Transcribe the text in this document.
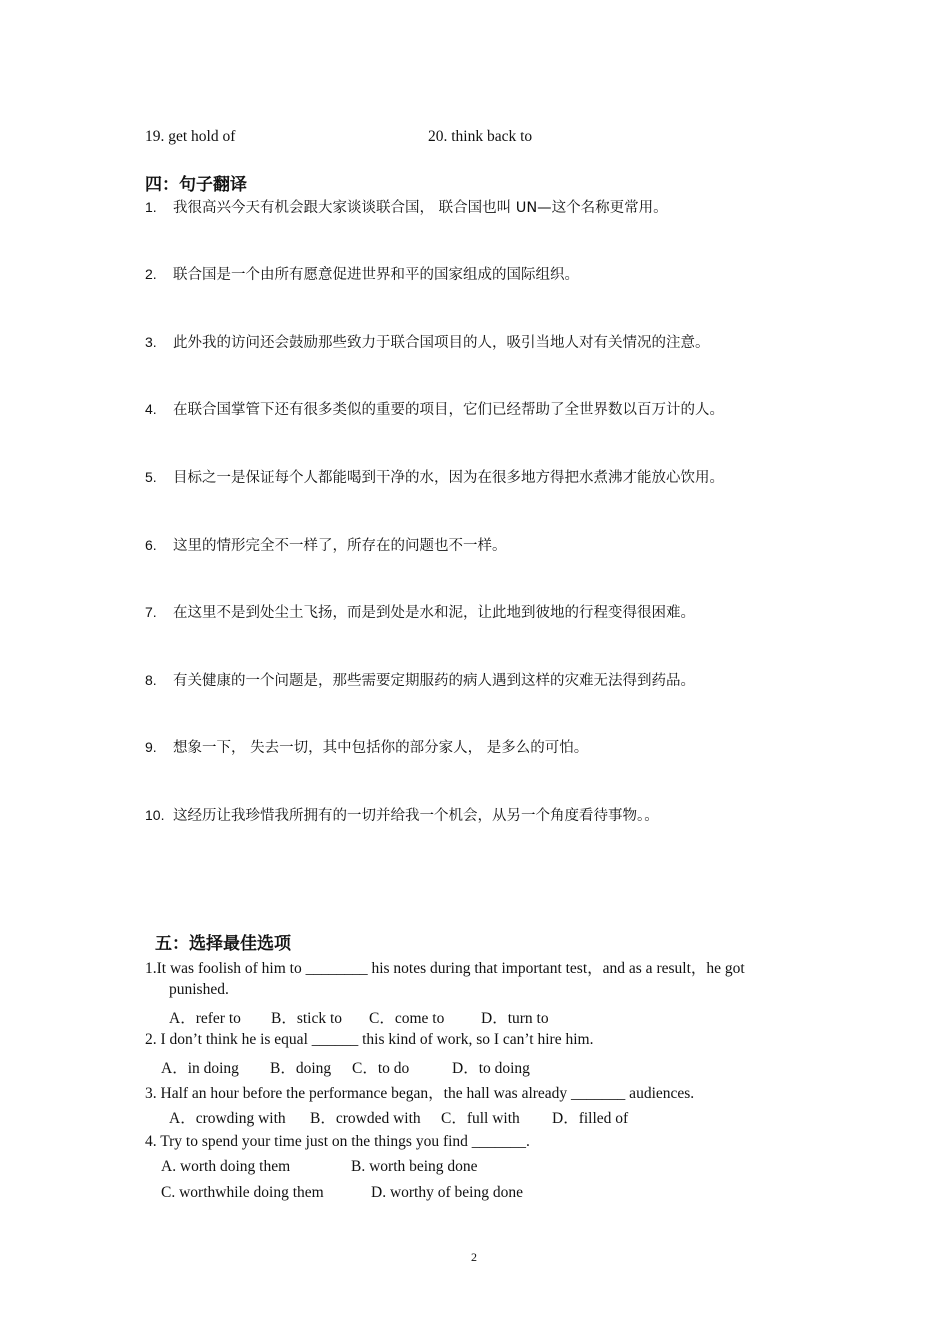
19. get hold of	20. think back to
四：句子翻译
1. 我很高兴今天有机会跟大家谈谈联合国， 联合国也叫 UN—这个名称更常用。
2. 联合国是一个由所有愿意促进世界和平的国家组成的国际组织。
3. 此外我的访问还会鼓励那些致力于联合国项目的人，吸引当地人对有关情况的注意。
4. 在联合国掌管下还有很多类似的重要的项目，它们已经帮助了全世界数以百万计的人。
5. 目标之一是保证每个人都能喝到干净的水，因为在很多地方得把水煮沸才能放心饮用。
6. 这里的情形完全不一样了，所存在的问题也不一样。
7. 在这里不是到处尘土飞扬，而是到处是水和泥，让此地到彼地的行程变得很困难。
8. 有关健康的一个问题是，那些需要定期服药的病人遇到这样的灾难无法得到药品。
9. 想象一下， 失去一切，其中包括你的部分家人， 是多么的可怕。
10. 这经历让我珍惜我所拥有的一切并给我一个机会，从另一个角度看待事物。。
五：选择最佳选项
1.It was foolish of him to ________ his notes during that important test，and as a result，he got
punished.
A．refer to B．stick to C．come to D．turn to
2. I don’t think he is equal ______ this kind of work, so I can’t hire him.
A．in doing B．doing C．to do	D．to doing
3. Half an hour before the performance began，the hall was already _______ audiences.
A．crowding with B．crowded with C．full with D．filled of
4. Try to spend your time just on the things you find _______.
A. worth doing them	B. worth being done
C. worthwhile doing them	D. worthy of being done
2
